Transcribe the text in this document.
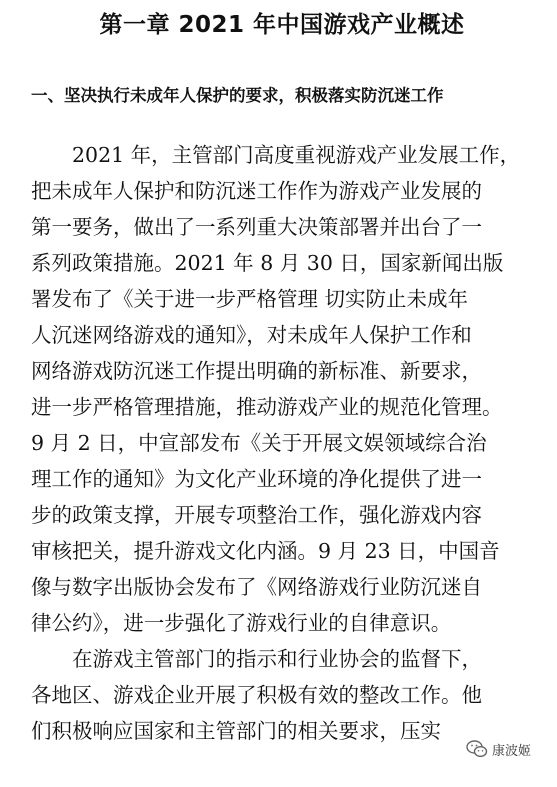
第一章 2021 年中国游戏产业概述
一、坚决执行未成年人保护的要求，积极落实防沉迷工作
2021 年，主管部门高度重视游戏产业发展工作，
把未成年人保护和防沉迷工作作为游戏产业发展的
第一要务，做出了一系列重大决策部署并出台了一
系列政策措施。2021 年 8 月 30 日，国家新闻出版
署发布了《关于进一步严格管理 切实防止未成年
人沉迷网络游戏的通知》，对未成年人保护工作和
网络游戏防沉迷工作提出明确的新标准、新要求，
进一步严格管理措施，推动游戏产业的规范化管理。
9 月 2 日，中宣部发布《关于开展文娱领域综合治
理工作的通知》为文化产业环境的净化提供了进一
步的政策支撑，开展专项整治工作，强化游戏内容
审核把关，提升游戏文化内涵。9 月 23 日，中国音
像与数字出版协会发布了《网络游戏行业防沉迷自
律公约》，进一步强化了游戏行业的自律意识。
在游戏主管部门的指示和行业协会的监督下，
各地区、游戏企业开展了积极有效的整改工作。他
们积极响应国家和主管部门的相关要求，压实
康波姬
